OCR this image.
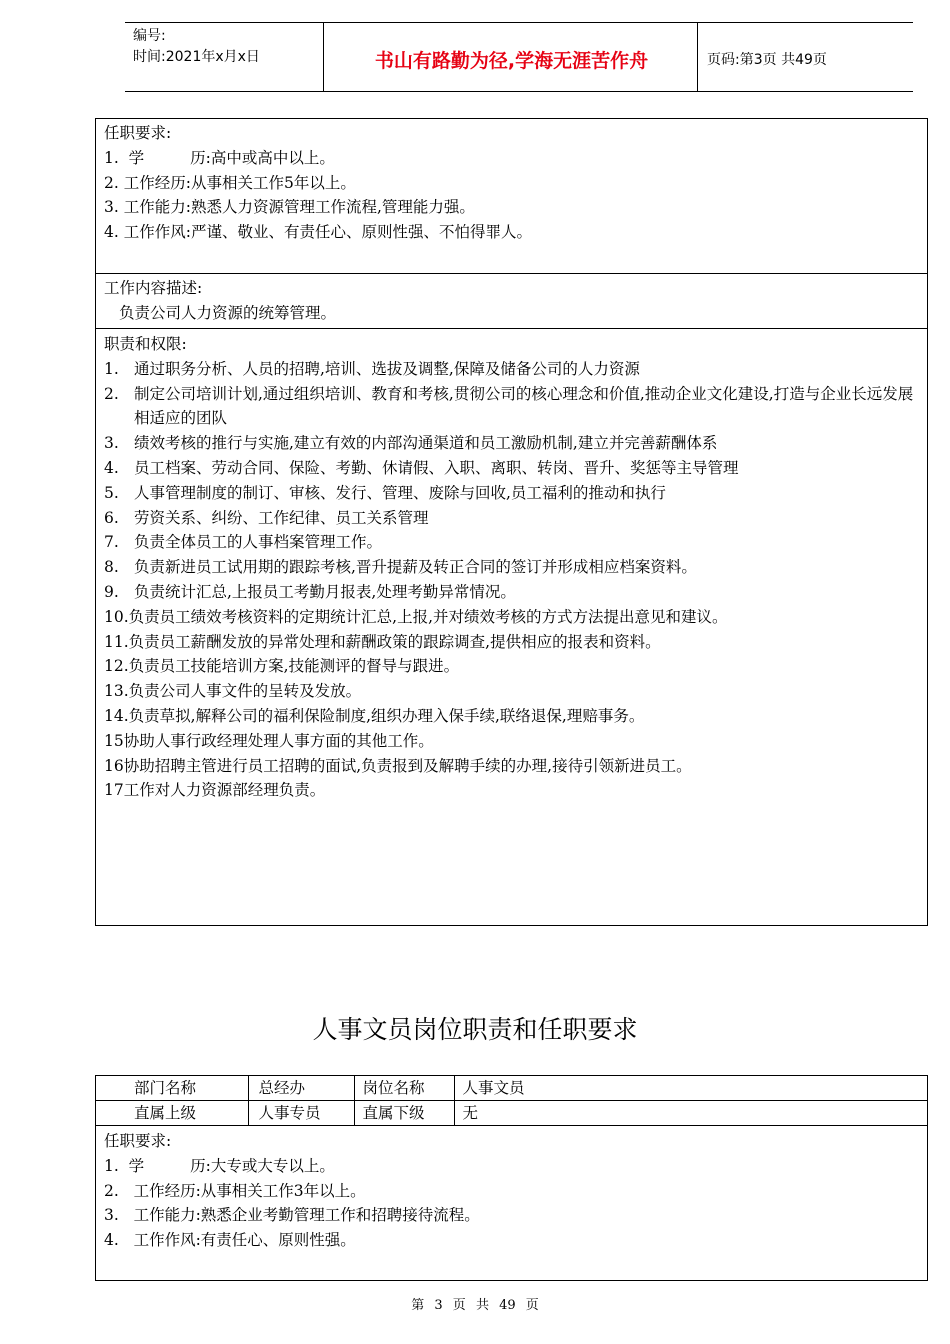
编号:
时间:2021年x月x日	书山有路勤为径,学海无涯苦作舟	页码:第3页 共49页
任职要求:
1. 学	历:高中或高中以上。
2. 工作经历:从事相关工作5年以上。
3. 工作能力:熟悉人力资源管理工作流程,管理能力强。
4. 工作作风:严谨、敬业、有责任心、原则性强、不怕得罪人。
工作内容描述:
负责公司人力资源的统筹管理。
职责和权限:
1. 通过职务分析、人员的招聘,培训、选拔及调整,保障及储备公司的人力资源
2. 制定公司培训计划,通过组织培训、教育和考核,贯彻公司的核心理念和价值,推动企业文化建设,打造与企业长远发展相适应的团队
3. 绩效考核的推行与实施,建立有效的内部沟通渠道和员工激励机制,建立并完善薪酬体系
4. 员工档案、劳动合同、保险、考勤、休请假、入职、离职、转岗、晋升、奖惩等主导管理
5. 人事管理制度的制订、审核、发行、管理、废除与回收,员工福利的推动和执行
6. 劳资关系、纠纷、工作纪律、员工关系管理
7. 负责全体员工的人事档案管理工作。
8. 负责新进员工试用期的跟踪考核,晋升提薪及转正合同的签订并形成相应档案资料。
9. 负责统计汇总,上报员工考勤月报表,处理考勤异常情况。
10.负责员工绩效考核资料的定期统计汇总,上报,并对绩效考核的方式方法提出意见和建议。
11.负责员工薪酬发放的异常处理和薪酬政策的跟踪调查,提供相应的报表和资料。
12.负责员工技能培训方案,技能测评的督导与跟进。
13.负责公司人事文件的呈转及发放。
14.负责草拟,解释公司的福利保险制度,组织办理入保手续,联络退保,理赔事务。
15协助人事行政经理处理人事方面的其他工作。
16协助招聘主管进行员工招聘的面试,负责报到及解聘手续的办理,接待引领新进员工。
17工作对人力资源部经理负责。
人事文员岗位职责和任职要求
部门名称	总经办	岗位名称	人事文员
直属上级	人事专员	直属下级	无
任职要求:
1. 学	历:大专或大专以上。
2. 工作经历:从事相关工作3年以上。
3. 工作能力:熟悉企业考勤管理工作和招聘接待流程。
4. 工作作风:有责任心、原则性强。
第 3 页 共 49 页
